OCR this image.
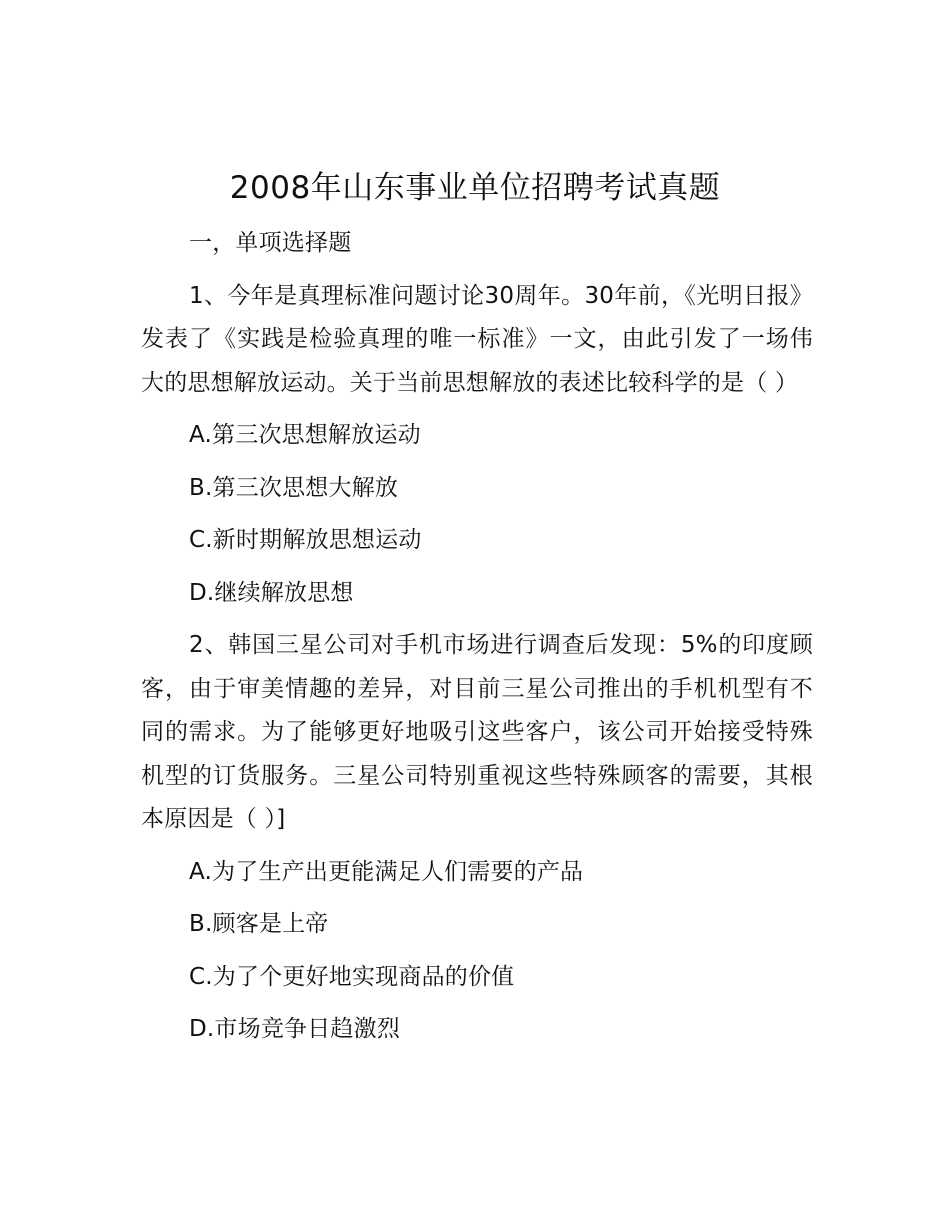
2008年山东事业单位招聘考试真题

一，单项选择题

1、今年是真理标准问题讨论30周年。30年前，《光明日报》发表了《实践是检验真理的唯一标准》一文，由此引发了一场伟大的思想解放运动。关于当前思想解放的表述比较科学的是（ ）

A.第三次思想解放运动

B.第三次思想大解放

C.新时期解放思想运动

D.继续解放思想

2、韩国三星公司对手机市场进行调查后发现：5%的印度顾客，由于审美情趣的差异，对目前三星公司推出的手机机型有不同的需求。为了能够更好地吸引这些客户，该公司开始接受特殊机型的订货服务。三星公司特别重视这些特殊顾客的需要，其根本原因是（ ）]

A.为了生产出更能满足人们需要的产品

B.顾客是上帝

C.为了个更好地实现商品的价值

D.市场竞争日趋激烈
